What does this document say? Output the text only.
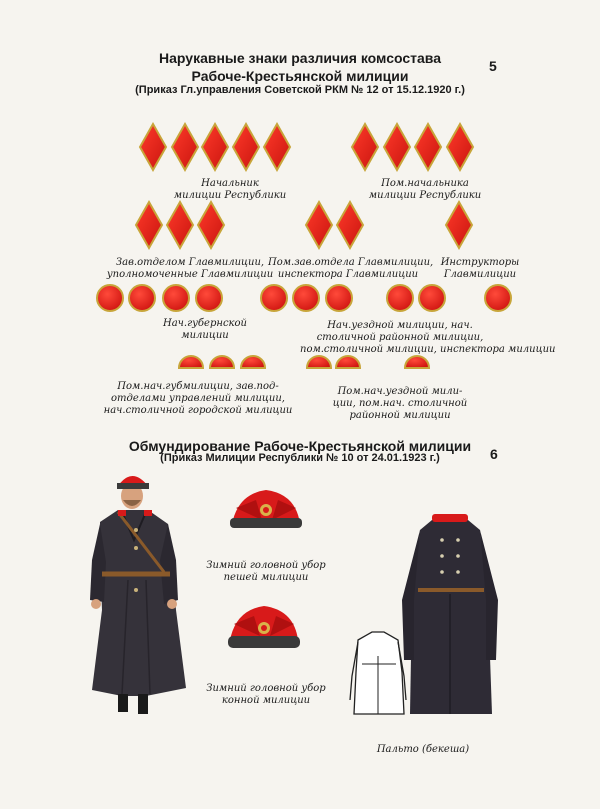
Нарукавные знаки различия комсостава
Рабоче-Крестьянской милиции
(Приказ Гл.управления Советской РКМ № 12 от 15.12.1920 г.)
5
Начальник
милиции Республики
Пом.начальника
милиции Республики
Зав.отделом Главмилиции,
уполномоченные Главмилиции
Пом.зав.отдела Главмилиции,
инспектора Главмилиции
Инструкторы
Главмилиции
Нач.губернской
милиции
Нач.уездной милиции, нач.
столичной районной милиции,
пом.столичной милиции, инспектора милиции
Пом.нач.губмилиции, зав.под-
отделами управлений милиции,
нач.столичной городской милиции
Пом.нач.уездной мили-
ции, пом.нач. столичной
районной милиции
Обмундирование Рабоче-Крестьянской милиции
(Приказ Милиции Республики № 10 от 24.01.1923 г.)	6
Зимний головной убор
пешей милиции
Зимний головной убор
конной милиции
Пальто (бекеша)
